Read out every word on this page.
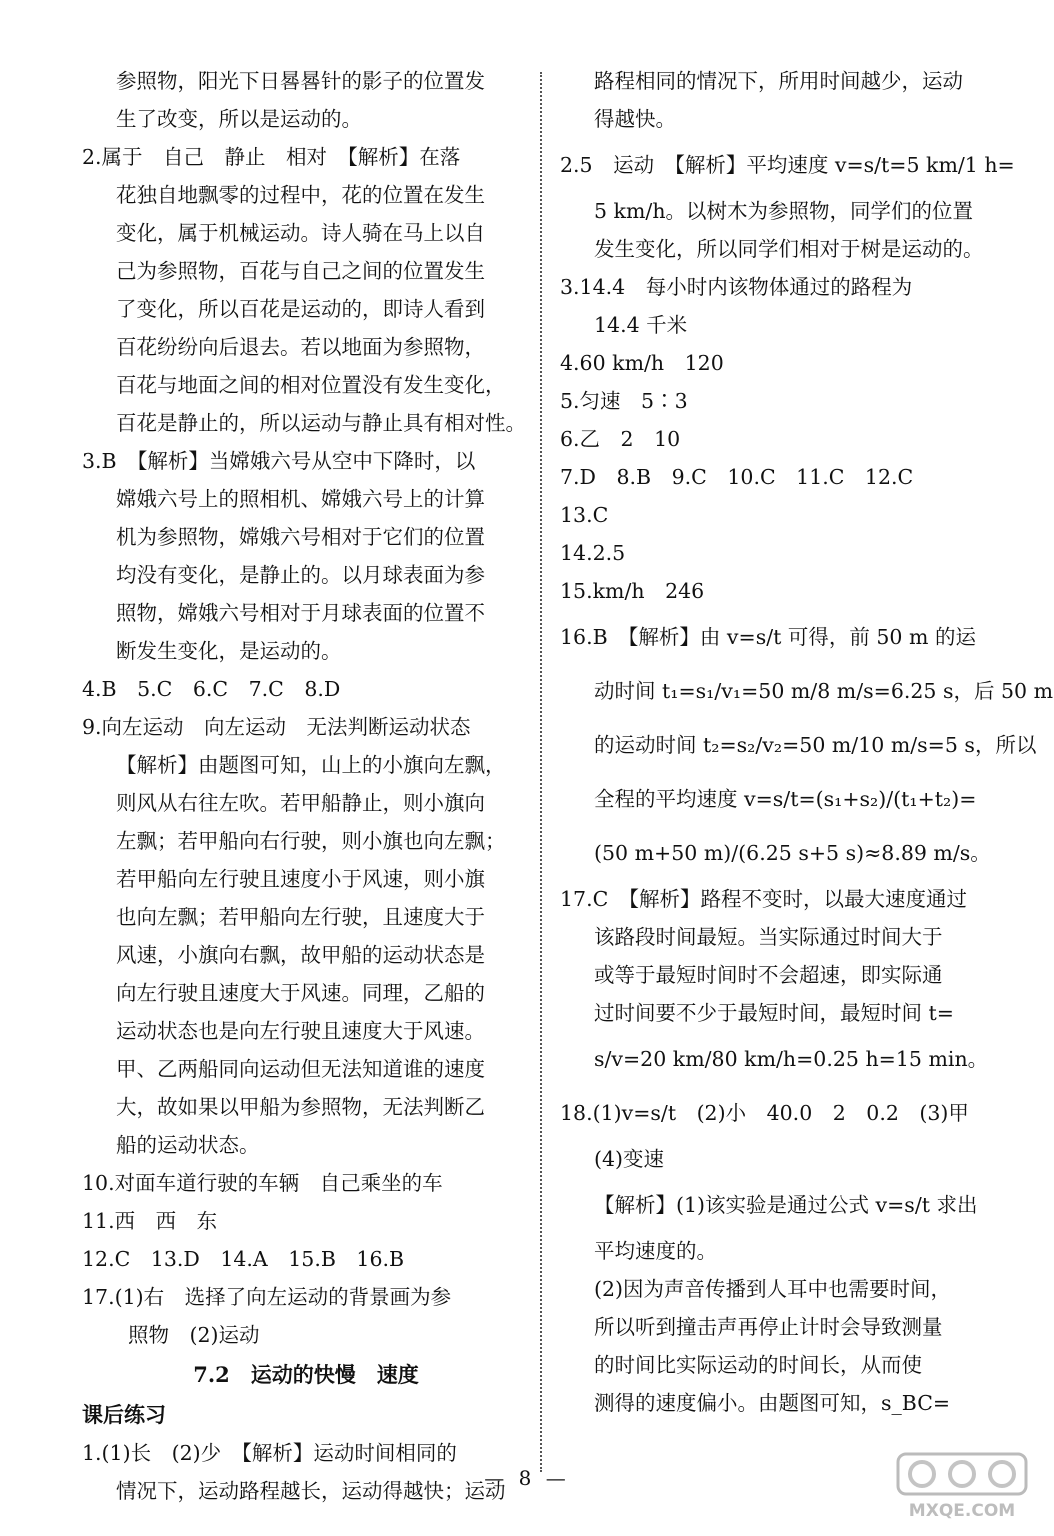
参照物，阳光下日晷晷针的影子的位置发
生了改变，所以是运动的。
2.属于　自己　静止　相对　【解析】在落
花独自地飘零的过程中，花的位置在发生
变化，属于机械运动。诗人骑在马上以自
己为参照物，百花与自己之间的位置发生
了变化，所以百花是运动的，即诗人看到
百花纷纷向后退去。若以地面为参照物，
百花与地面之间的相对位置没有发生变化，
百花是静止的，所以运动与静止具有相对性。
3.B　【解析】当嫦娥六号从空中下降时，以
嫦娥六号上的照相机、嫦娥六号上的计算
机为参照物，嫦娥六号相对于它们的位置
均没有变化，是静止的。以月球表面为参
照物，嫦娥六号相对于月球表面的位置不
断发生变化，是运动的。
4.B　5.C　6.C　7.C　8.D
9.向左运动　向左运动　无法判断运动状态
【解析】由题图可知，山上的小旗向左飘，
则风从右往左吹。若甲船静止，则小旗向
左飘；若甲船向右行驶，则小旗也向左飘；
若甲船向左行驶且速度小于风速，则小旗
也向左飘；若甲船向左行驶，且速度大于
风速，小旗向右飘，故甲船的运动状态是
向左行驶且速度大于风速。同理，乙船的
运动状态也是向左行驶且速度大于风速。
甲、乙两船同向运动但无法知道谁的速度
大，故如果以甲船为参照物，无法判断乙
船的运动状态。
10.对面车道行驶的车辆　自己乘坐的车
11.西　西　东
12.C　13.D　14.A　15.B　16.B
17.(1)右　选择了向左运动的背景画为参
照物　(2)运动
7.2　运动的快慢　速度
课后练习
1.(1)长　(2)少　【解析】运动时间相同的
情况下，运动路程越长，运动得越快；运动
路程相同的情况下，所用时间越少，运动
得越快。
2.5　运动　【解析】平均速度 v=s/t=5 km/1 h=
5 km/h。以树木为参照物，同学们的位置
发生变化，所以同学们相对于树是运动的。
3.14.4　每小时内该物体通过的路程为
14.4 千米
4.60 km/h　120
5.匀速　5∶3
6.乙　2　10
7.D　8.B　9.C　10.C　11.C　12.C
13.C
14.2.5
15.km/h　246
16.B　【解析】由 v=s/t 可得，前 50 m 的运
动时间 t₁=s₁/v₁=50 m/8 m/s=6.25 s，后 50 m
的运动时间 t₂=s₂/v₂=50 m/10 m/s=5 s，所以
全程的平均速度 v=s/t=(s₁+s₂)/(t₁+t₂)=
(50 m+50 m)/(6.25 s+5 s)≈8.89 m/s。
17.C　【解析】路程不变时，以最大速度通过
该路段时间最短。当实际通过时间大于
或等于最短时间时不会超速，即实际通
过时间要不少于最短时间，最短时间 t=
s/v=20 km/80 km/h=0.25 h=15 min。
18.(1)v=s/t　(2)小　40.0　2　0.2　(3)甲
(4)变速
【解析】(1)该实验是通过公式 v=s/t 求出
平均速度的。
(2)因为声音传播到人耳中也需要时间，
所以听到撞击声再停止计时会导致测量
的时间比实际运动的时间长，从而使
测得的速度偏小。由题图可知，s_BC=
— 8 —
MXQE.COM
